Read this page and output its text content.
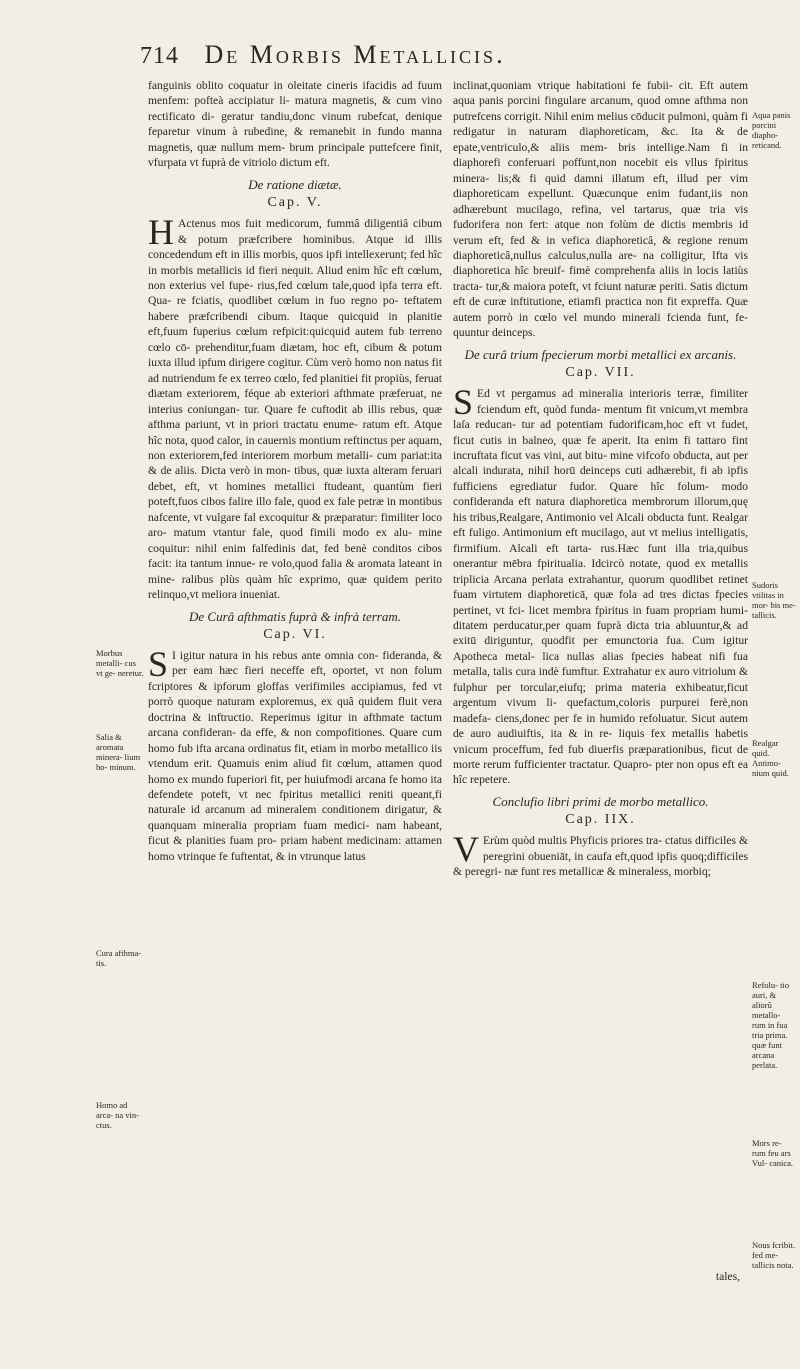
714 De Morbis Metallicis.

fanguinis oblito coquatur in oleitate cineris ifacidis ad fuum menfem: pofteà accipiatur li- matura magnetis, & cum vino rectificato di- geratur tandiu,donc vinum rubefcat, denique feparetur vinum à rubedine, & remanebit in fundo manna magnetis, quæ nullum mem- brum principale puttefcere finit, vfurpata vt fuprà de vitriolo dictum eft.

De ratione diætæ.
Cap. V.

H Actenus mos fuit medicorum, fummâ diligentiâ cibum & potum præfcribere hominibus. Atque id illis concedendum eft in illis morbis, quos ipfi intellexerunt; fed hîc in morbis metallicis id fieri nequit. Aliud enim hîc eft cœlum, non exterius vel fupe- rius,fed cœlum tale,quod ipfa terra eft. Qua- re fciatis, quodlibet cœlum in fuo regno po- teftatem habere præfcribendi cibum. Itaque quicquid in planitie eft,fuum fuperius cœlum refpicit:quicquid autem fub terreno cœlo cō- prehenditur,fuam diætam, hoc eft, cibum & potum iuxta illud ipfum dirigere cogitur. Cùm verò homo non natus fit ad nutriendum fe ex terreo cœlo, fed planitiei fit propiùs, feruat diætam exteriorem, féque ab exteriori afthmate præferuat, ne interius coniungan- tur. Quare fe cuftodit ab illis rebus, quæ afthma pariunt, vt in priori tractatu enume- ratum eft. Atque hîc nota, quod calor, in cauernis montium reftinctus per aquam, non exteriorem,fed interiorem morbum metalli- cum pariat:ita & de aliis. Dicta verò in mon- tibus, quæ iuxta alteram feruari debet, eft, vt homines metallici ftudeant, quantùm fieri poteft,fuos cibos falire illo fale, quod ex fale petræ in montibus nafcente, vt vulgare fal excoquitur & præparatur: fimiliter loco aro- matum vtantur fale, quod fimili modo ex alu- mine coquitur: nihil enim falfedinis dat, fed benè conditos cibos facit: ita tantum innue- re volo,quod falia & aromata lateant in mine- ralibus plùs quàm hîc exprimo, quæ quidem perito relinquo,vt meliora inueniat.

De Curâ afthmatis fuprà & infrà terram.
Cap. VI.

S I igitur natura in his rebus ante omnia con- fideranda, & per eam hæc fieri neceffe eft, oportet, vt non folum fcriptores & ipforum gloffas verifimiles accipiamus, fed vt porrò quoque naturam exploremus, ex quâ quidem fluit vera doctrina & inftructio. Reperimus igitur in afthmate tactum arcana confideran- da effe, & non compofitiones. Quare cum homo fub ifta arcana ordinatus fit, etiam in morbo metallico iis vtendum erit. Quamuis enim aliud fit cœlum, attamen quod homo ex mundo fuperiori fit, per huiufmodi arcana fe homo ita defendete poteft, vt nec fpiritus metallici reniti queant,fi naturale id arcanum ad mineralem conditionem dirigatur, & quanquam mineralia propriam fuam medici- nam habeant, ficut & planities fuam pro- priam habent medicinam: attamen homo vtrinque fe fuftentat, & in vtrunque latus

inclinat,quoniam vtrique habitationi fe fubii- cit. Eft autem aqua panis porcini fingulare arcanum, quod omne afthma non putrefcens corrigit. Nihil enim melius cōducit pulmoni, quàm fi redigatur in naturam diaphoreticam, &c. Ita & de epate,ventriculo,& aliis mem- bris intellige.Nam fi in diaphorefi conferuari poffunt,non nocebit eis vllus fpiritus minera- lis;& fi quid damni illatum eft, illud per vim diaphoreticam expellunt. Quæcunque enim fudant,iis non adhærebunt mucilago, refina, vel tartarus, quæ tria vis fudorifera non fert: atque non folùm de dictis membris id verum eft, fed & in vefica diaphoreticâ, & regione renum diaphoreticâ,nullus calculus,nulla are- na colligitur, Ifta vis diaphoretica hîc breuif- fimè comprehenfa aliis in locis latiùs tracta- tur,& maiora poteft, vt fciunt naturæ periti. Satis dictum eft de curæ inftitutione, etiamfi practica non fit expreffa. Quæ autem porrò in cœlo vel mundo minerali fcienda funt, fe- quuntur deinceps.

De curâ trium fpecierum morbi metallici ex arcanis.
Cap. VII.

S Ed vt pergamus ad mineralia interioris terræ, fimiliter fciendum eft, quòd funda- mentum fit vnicum,vt membra laſa reducan- tur ad potentiam fudorificam,hoc eft vt fudet, ficut cutis in balneo, quæ fe aperit. Ita enim fi tattaro fint incruftata ficut vas vini, aut bitu- mine vifcofo obducta, aut per alcali indurata, nihil horū deinceps cuti adhærebit, fi ab ipfis fufficiens egrediatur fudor. Quare hîc folum- modo confideranda eft natura diaphoretica membrorum illorum,quę his tribus,Realgare, Antimonio vel Alcali obducta funt. Realgar eft fuligo. Antimonium eft mucilago, aut vt melius intelligatis, firmifium. Alcali eft tarta- rus.Hæc funt illa tria,quibus onerantur mēbra fpiritualia. Idcircò notate, quod ex metallis triplicia Arcana perlata extrahantur, quorum quodlibet retinet fuam virtutem diaphoreticā, quæ fola ad tres dictas fpecies pertinet, vt fci- licet membra fpiritus in fuam propriam humi- ditatem perducatur,per quam fuprà dicta tria abluuntur,& ad exitū diriguntur, quodfit per emunctoria fua. Cum igitur Apotheca metal- lica nullas alias fpecies habeat nifi fua metalla, talis cura indè fumftur. Extrahatur ex auro vitriolum & fulphur per torcular,eiufq; prima materia exhibeatur,ficut argentum vivum li- quefactum,coloris purpurei ferè,non madefa- ciens,donec per fe in humido refoluatur. Sicut autem de auro audiuiftis, ita & in re- liquis fex metallis habetis vnicum proceffum, fed fub diuerfis præparationibus, ficut de morte rerum fufficienter tractatur. Quapro- pter non opus eft ea hîc repetere.

Conclufio libri primi de morbo metallico.
Cap. IIX.

V Erùm quòd multis Phyficis priores tra- ctatus difficiles & peregrini obueniāt, in caufa eft,quod ipfis quoq;difficiles & peregri- næ funt res metallicæ & mineraless, morbiq;

tales,
Morbus metalli- cus vt ge- neretur.
Salia & aromata minera- lium ho- minum.
Cura afthma- tis.
Homo ad arca- na vin- ctus.
Aqua panis porcini diapho- reticand.
Sudoris vtilitas in mor- bis me- tallicis.
Realgar quid. Antimo- nium quid.
Refolu- tio auri, & aliorū metallo- rum in fua tria prima. quæ funt arcana perlata.
Mors re- rum feu ars Vul- canica.
Nous fcribit. fed me- tallicis nota.
